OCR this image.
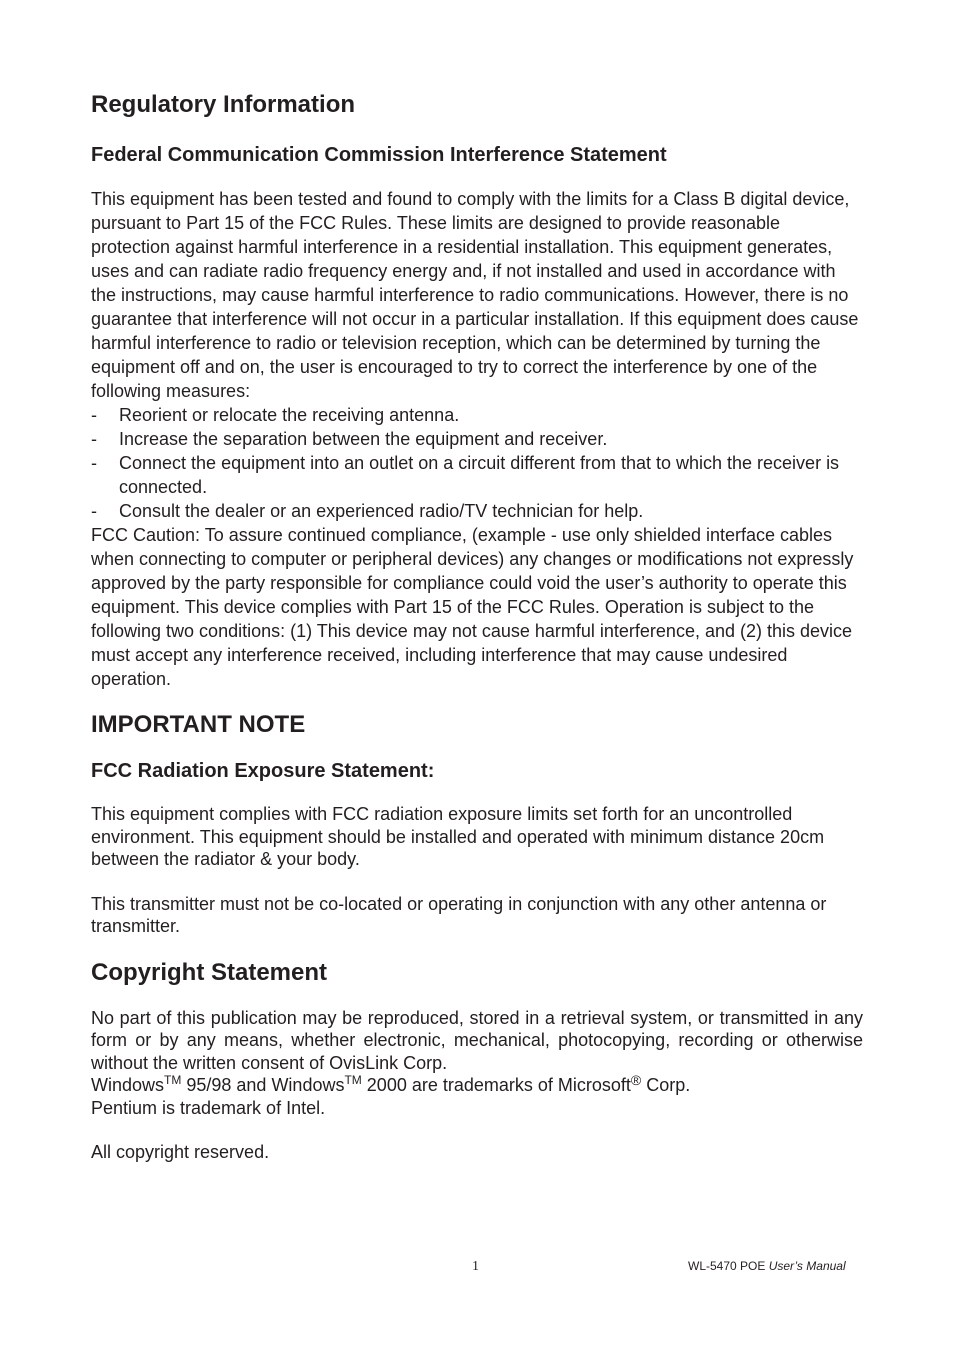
Regulatory Information
Federal Communication Commission Interference Statement

This equipment has been tested and found to comply with the limits for a Class B digital device, pursuant to Part 15 of the FCC Rules. These limits are designed to provide reasonable protection against harmful interference in a residential installation. This equipment generates, uses and can radiate radio frequency energy and, if not installed and used in accordance with the instructions, may cause harmful interference to radio communications. However, there is no guarantee that interference will not occur in a particular installation. If this equipment does cause harmful interference to radio or television reception, which can be determined by turning the equipment off and on, the user is encouraged to try to correct the interference by one of the following measures:

- Reorient or relocate the receiving antenna.
- Increase the separation between the equipment and receiver.
- Connect the equipment into an outlet on a circuit different from that to which the receiver is connected.
- Consult the dealer or an experienced radio/TV technician for help.

FCC Caution: To assure continued compliance, (example - use only shielded interface cables when connecting to computer or peripheral devices) any changes or modifications not expressly approved by the party responsible for compliance could void the user’s authority to operate this equipment. This device complies with Part 15 of the FCC Rules. Operation is subject to the following two conditions: (1) This device may not cause harmful interference, and (2) this device must accept any interference received, including interference that may cause undesired operation.

IMPORTANT NOTE
FCC Radiation Exposure Statement:

This equipment complies with FCC radiation exposure limits set forth for an uncontrolled environment. This equipment should be installed and operated with minimum distance 20cm between the radiator & your body.

This transmitter must not be co-located or operating in conjunction with any other antenna or transmitter.

Copyright Statement

No part of this publication may be reproduced, stored in a retrieval system, or transmitted in any form or by any means, whether electronic, mechanical, photocopying, recording or otherwise without the written consent of OvisLink Corp.

Windows™ 95/98 and Windows™ 2000 are trademarks of Microsoft® Corp.
Pentium is trademark of Intel.
All copyright reserved.
1	WL-5470 POE User’s Manual
